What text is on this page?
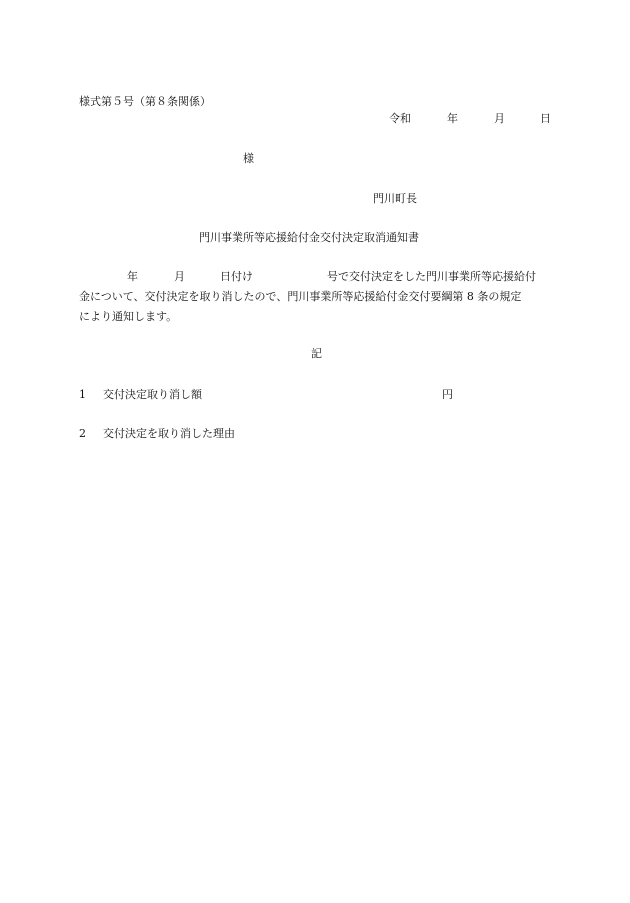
様式第５号（第８条関係）
令和	年	月	日
様
門川町長
門川事業所等応援給付金交付決定取消通知書
年	月	日付け	号で交付決定をした門川事業所等応援給付
金について、交付決定を取り消したので、門川事業所等応援給付金交付要綱第 8 条の規定
により通知します。
記
1 交付決定取り消し額	円
2 交付決定を取り消した理由
